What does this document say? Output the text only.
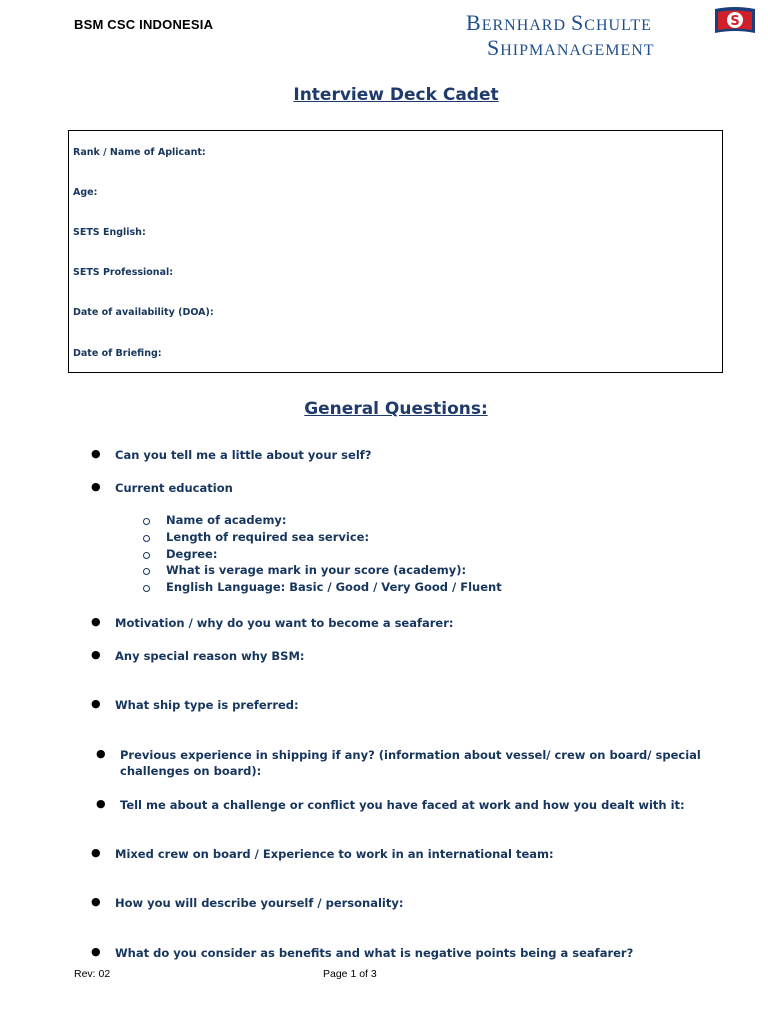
BSM CSC INDONESIA	BERNHARD SCHULTE
SHIPMANAGEMENT
S
Interview Deck Cadet
Rank / Name of Aplicant:
Age:
SETS English:
SETS Professional:
Date of availability (DOA):
Date of Briefing:
General Questions:
● Can you tell me a little about your self?
● Current education
Name of academy:
Length of required sea service:
Degree:
What is verage mark in your score (academy):
English Language: Basic / Good / Very Good / Fluent
● Motivation / why do you want to become a seafarer:
● Any special reason why BSM:
● What ship type is preferred:
● Previous experience in shipping if any? (information about vessel/ crew on board/ special challenges on board):
● Tell me about a challenge or conflict you have faced at work and how you dealt with it:
● Mixed crew on board / Experience to work in an international team:
● How you will describe yourself / personality:
● What do you consider as benefits and what is negative points being a seafarer?
Rev: 02	Page 1 of 3
